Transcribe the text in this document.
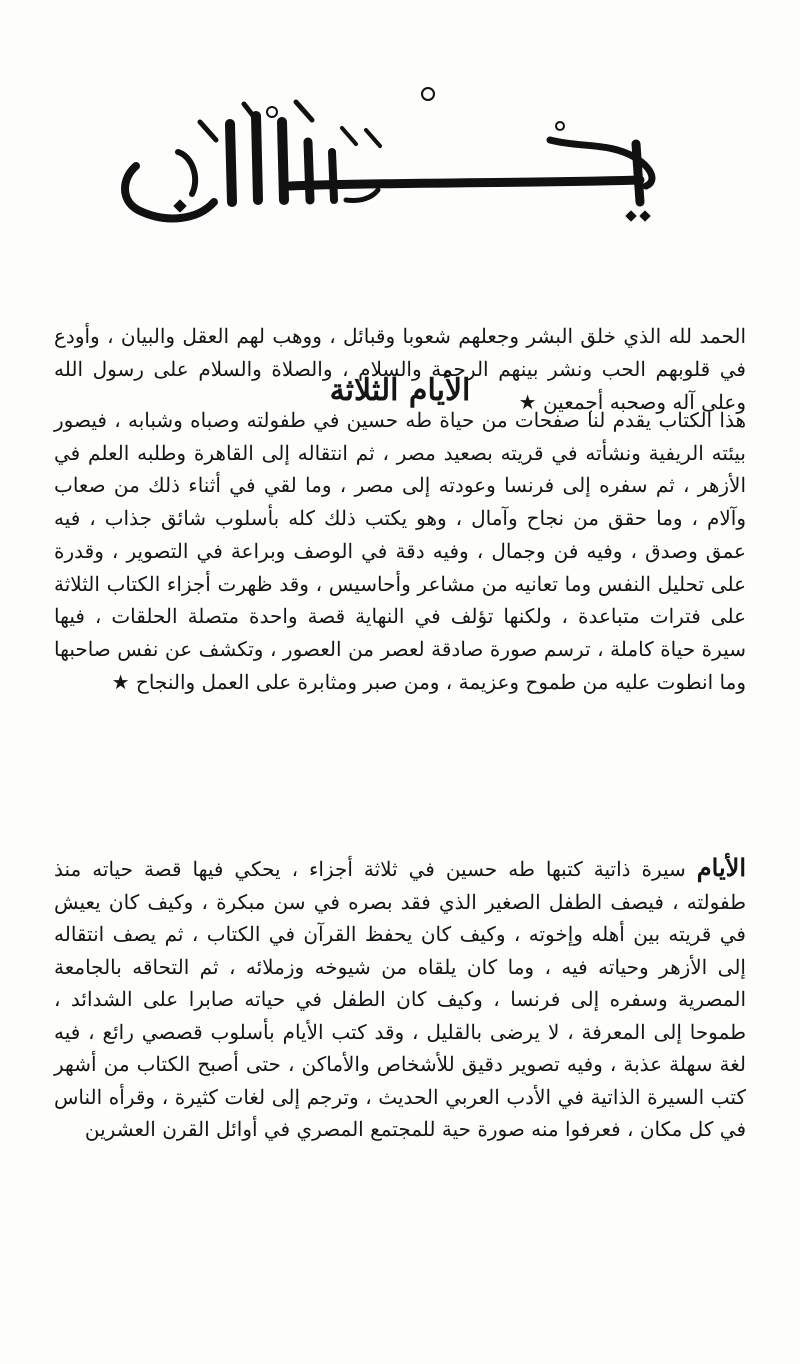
الحمد لله الذي خلق البشر وجعلهم شعوبا وقبائل ، ووهب لهم العقل والبيان ، وأودع في قلوبهم الحب ونشر بينهم الرحمة والسلام ، والصلاة والسلام على رسول الله وعلى آله وصحبه أجمعين ★

الأيام الثلاثة

هذا الكتاب يقدم لنا صفحات من حياة طه حسين في طفولته وصباه وشبابه ، فيصور بيئته الريفية ونشأته في قريته بصعيد مصر ، ثم انتقاله إلى القاهرة وطلبه العلم في الأزهر ، ثم سفره إلى فرنسا وعودته إلى مصر ، وما لقي في أثناء ذلك من صعاب وآلام ، وما حقق من نجاح وآمال ، وهو يكتب ذلك كله بأسلوب شائق جذاب ، فيه عمق وصدق ، وفيه فن وجمال ، وفيه دقة في الوصف وبراعة في التصوير ، وقدرة على تحليل النفس وما تعانيه من مشاعر وأحاسيس ، وقد ظهرت أجزاء الكتاب الثلاثة على فترات متباعدة ، ولكنها تؤلف في النهاية قصة واحدة متصلة الحلقات ، فيها سيرة حياة كاملة ، ترسم صورة صادقة لعصر من العصور ، وتكشف عن نفس صاحبها وما انطوت عليه من طموح وعزيمة ، ومن صبر ومثابرة على العمل والنجاح ★

الأيام سيرة ذاتية كتبها طه حسين في ثلاثة أجزاء ، يحكي فيها قصة حياته منذ طفولته ، فيصف الطفل الصغير الذي فقد بصره في سن مبكرة ، وكيف كان يعيش في قريته بين أهله وإخوته ، وكيف كان يحفظ القرآن في الكتاب ، ثم يصف انتقاله إلى الأزهر وحياته فيه ، وما كان يلقاه من شيوخه وزملائه ، ثم التحاقه بالجامعة المصرية وسفره إلى فرنسا ، وكيف كان الطفل في حياته صابرا على الشدائد ، طموحا إلى المعرفة ، لا يرضى بالقليل ، وقد كتب الأيام بأسلوب قصصي رائع ، فيه لغة سهلة عذبة ، وفيه تصوير دقيق للأشخاص والأماكن ، حتى أصبح الكتاب من أشهر كتب السيرة الذاتية في الأدب العربي الحديث ، وترجم إلى لغات كثيرة ، وقرأه الناس في كل مكان ، فعرفوا منه صورة حية للمجتمع المصري في أوائل القرن العشرين
